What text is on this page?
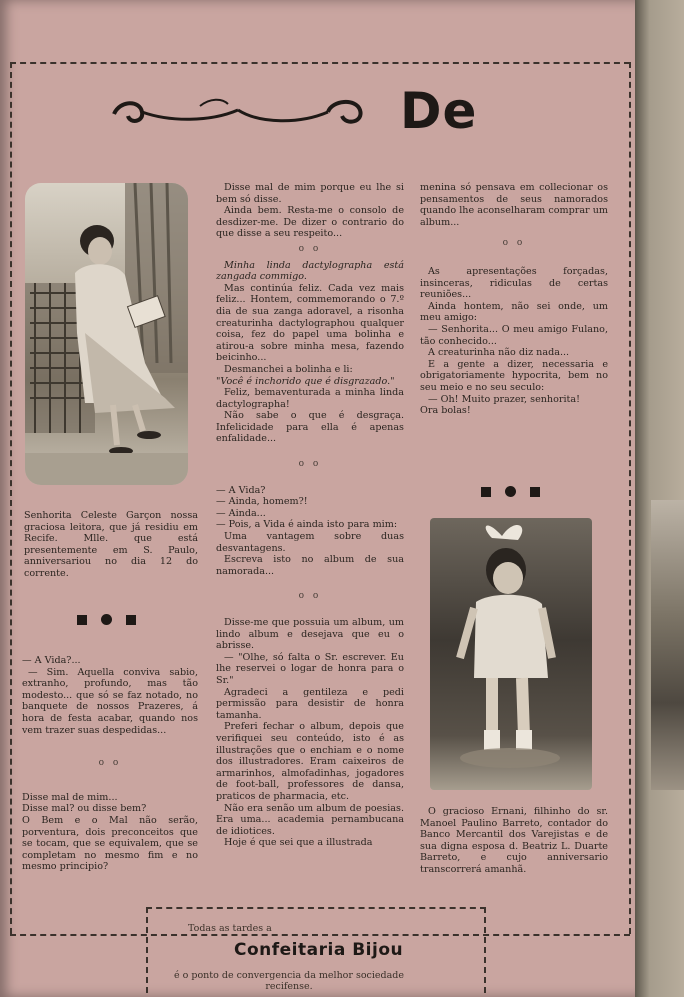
De

Senhorita Celeste Garçon nossa graciosa leitora, que já residiu em Recife. Mlle. que está presentemente em S. Paulo, anniversariou no dia 12 do corrente.

— A Vida?...

— Sim. Aquella conviva sabio, extranho, profundo, mas tão modesto... que só se faz notado, no banquete de nossos Prazeres, á hora de festa acabar, quando nos vem trazer suas despedidas...

o o

Disse mal de mim...

Disse mal? ou disse bem?

O Bem e o Mal não serão, porventura, dois preconceitos que se tocam, que se equivalem, que se completam no mesmo fim e no mesmo principio?

Disse mal de mim porque eu lhe si bem só disse.

Ainda bem. Resta-me o consolo de desdizer-me. De dizer o contrario do que disse a seu respeito...

o o

Minha linda dactylographa está zangada commigo.

Mas continúa feliz. Cada vez mais feliz... Hontem, commemorando o 7.º dia de sua zanga adoravel, a risonha creaturinha dactylographou qualquer coisa, fez do papel uma bolinha e atirou-a sobre minha mesa, fazendo beicinho...

Desmanchei a bolinha e li:

"Você é inchorido que é disgrazado."

Feliz, bemaventurada a minha linda dactylographa!

Não sabe o que é desgraça. Infelicidade para ella é apenas enfalidade...

o o

— A Vida?

— Ainda, homem?!

— Ainda...

— Pois, a Vida é ainda isto para mim:

Uma vantagem sobre duas desvantagens.

Escreva isto no album de sua namorada...

o o

Disse-me que possuia um album, um lindo album e desejava que eu o abrisse.

— "Olhe, só falta o Sr. escrever. Eu lhe reservei o logar de honra para o Sr."

Agradeci a gentileza e pedi permissão para desistir de honra tamanha.

Preferi fechar o album, depois que verifiquei seu conteúdo, isto é as illustrações que o enchiam e o nome dos illustradores. Eram caixeiros de armarinhos, almofadinhas, jogadores de foot-ball, professores de dansa, praticos de pharmacia, etc.

Não era senão um album de poesias. Era uma... academia pernambucana de idiotices.

Hoje é que sei que a illustrada

menina só pensava em collecionar os pensamentos de seus namorados quando lhe aconselharam comprar um album...

o o

As apresentações forçadas, insinceras, ridiculas de certas reuniões...

Ainda hontem, não sei onde, um meu amigo:

— Senhorita... O meu amigo Fulano, tão conhecido...

A creaturinha não diz nada...

E a gente a dizer, necessaria e obrigatoriamente hypocrita, bem no seu meio e no seu seculo:

— Oh! Muito prazer, senhorita!

Ora bolas!

O gracioso Ernani, filhinho do sr. Manoel Paulino Barreto, contador do Banco Mercantil dos Varejistas e de sua digna esposa d. Beatriz L. Duarte Barreto, e cujo anniversario transcorrerá amanhã.

Todas as tardes a
Confeitaria Bijou
é o ponto de convergencia da melhor sociedade recifense.
